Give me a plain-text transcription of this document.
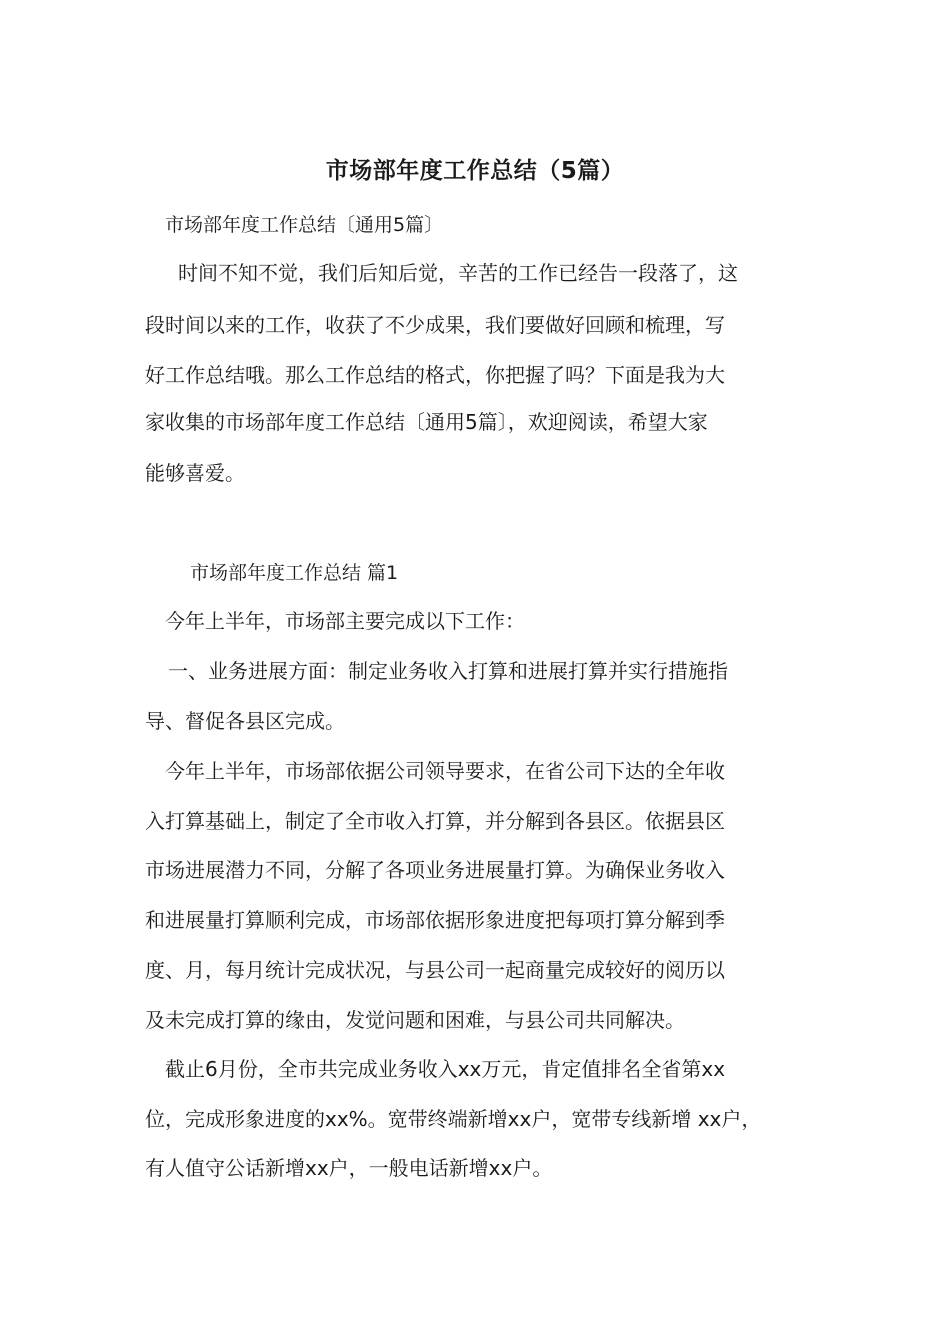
市场部年度工作总结（5篇）
市场部年度工作总结〔通用5篇〕
时间不知不觉，我们后知后觉，辛苦的工作已经告一段落了，这
段时间以来的工作，收获了不少成果，我们要做好回顾和梳理，写
好工作总结哦。那么工作总结的格式，你把握了吗？下面是我为大
家收集的市场部年度工作总结〔通用5篇〕，欢迎阅读，希望大家
能够喜爱。
市场部年度工作总结 篇1
今年上半年，市场部主要完成以下工作：
一、业务进展方面：制定业务收入打算和进展打算并实行措施指
导、督促各县区完成。
今年上半年，市场部依据公司领导要求，在省公司下达的全年收
入打算基础上，制定了全市收入打算，并分解到各县区。依据县区
市场进展潜力不同，分解了各项业务进展量打算。为确保业务收入
和进展量打算顺利完成，市场部依据形象进度把每项打算分解到季
度、月，每月统计完成状况，与县公司一起商量完成较好的阅历以
及未完成打算的缘由，发觉问题和困难，与县公司共同解决。
截止6月份，全市共完成业务收入xx万元，肯定值排名全省第xx
位，完成形象进度的xx%。宽带终端新增xx户，宽带专线新增 xx户，
有人值守公话新增xx户，一般电话新增xx户。
